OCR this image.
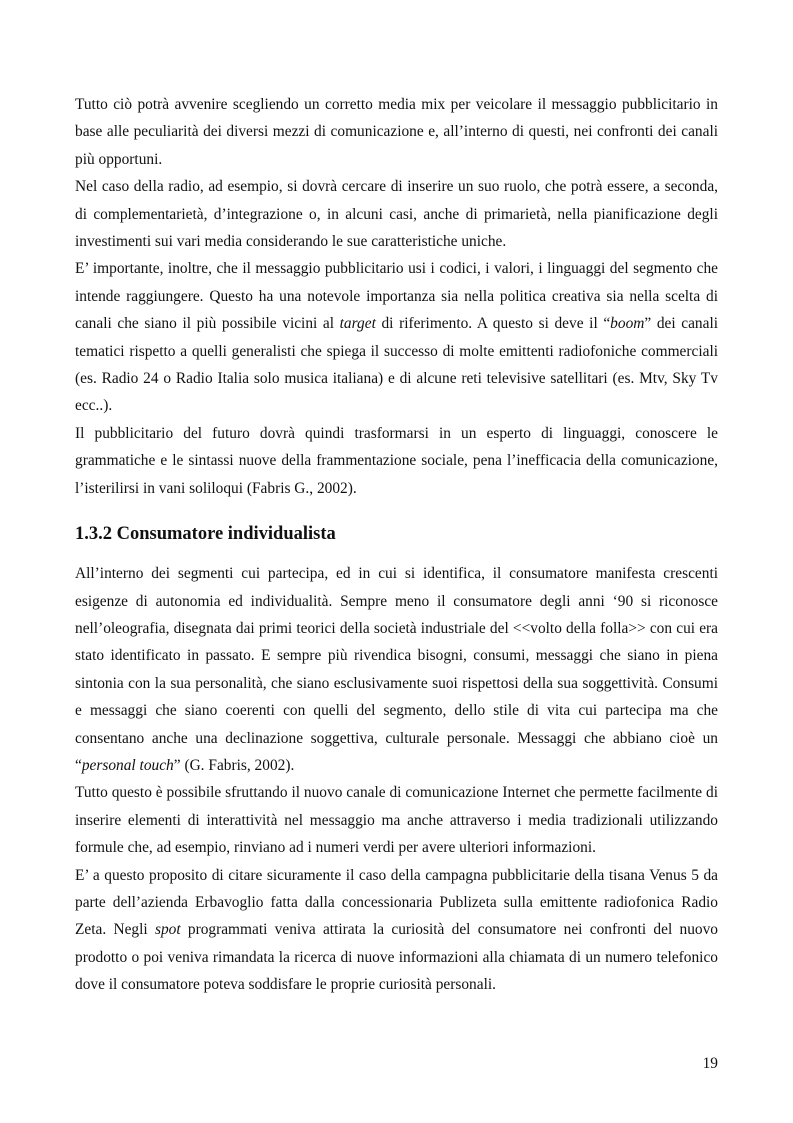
Tutto ciò potrà avvenire scegliendo un corretto media mix per veicolare il messaggio pubblicitario in base alle peculiarità dei diversi mezzi di comunicazione e, all’interno di questi, nei confronti dei canali più opportuni.

Nel caso della radio, ad esempio, si dovrà cercare di inserire un suo ruolo, che potrà essere, a seconda, di complementarietà, d’integrazione o, in alcuni casi, anche di primarietà, nella pianificazione degli investimenti sui vari media considerando le sue caratteristiche uniche.

E’ importante, inoltre, che il messaggio pubblicitario usi i codici, i valori, i linguaggi del segmento che intende raggiungere. Questo ha una notevole importanza sia nella politica creativa sia nella scelta di canali che siano il più possibile vicini al target di riferimento. A questo si deve il “boom” dei canali tematici rispetto a quelli generalisti che spiega il successo di molte emittenti radiofoniche commerciali (es. Radio 24 o Radio Italia solo musica italiana) e di alcune reti televisive satellitari (es. Mtv, Sky Tv ecc..).

Il pubblicitario del futuro dovrà quindi trasformarsi in un esperto di linguaggi, conoscere le grammatiche e le sintassi nuove della frammentazione sociale, pena l’inefficacia della comunicazione, l’isterilirsi in vani soliloqui (Fabris G., 2002).

1.3.2 Consumatore individualista

All’interno dei segmenti cui partecipa, ed in cui si identifica, il consumatore manifesta crescenti esigenze di autonomia ed individualità. Sempre meno il consumatore degli anni ‘90 si riconosce nell’oleografia, disegnata dai primi teorici della società industriale del <<volto della folla>> con cui era stato identificato in passato. E sempre più rivendica bisogni, consumi, messaggi che siano in piena sintonia con la sua personalità, che siano esclusivamente suoi rispettosi della sua soggettività. Consumi e messaggi che siano coerenti con quelli del segmento, dello stile di vita cui partecipa ma che consentano anche una declinazione soggettiva, culturale personale. Messaggi che abbiano cioè un “personal touch” (G. Fabris, 2002).

Tutto questo è possibile sfruttando il nuovo canale di comunicazione Internet che permette facilmente di inserire elementi di interattività nel messaggio ma anche attraverso i media tradizionali utilizzando formule che, ad esempio, rinviano ad i numeri verdi per avere ulteriori informazioni.

E’ a questo proposito di citare sicuramente il caso della campagna pubblicitarie della tisana Venus 5 da parte dell’azienda Erbavoglio fatta dalla concessionaria Publizeta sulla emittente radiofonica Radio Zeta. Negli spot programmati veniva attirata la curiosità del consumatore nei confronti del nuovo prodotto o poi veniva rimandata la ricerca di nuove informazioni alla chiamata di un numero telefonico dove il consumatore poteva soddisfare le proprie curiosità personali.

19
